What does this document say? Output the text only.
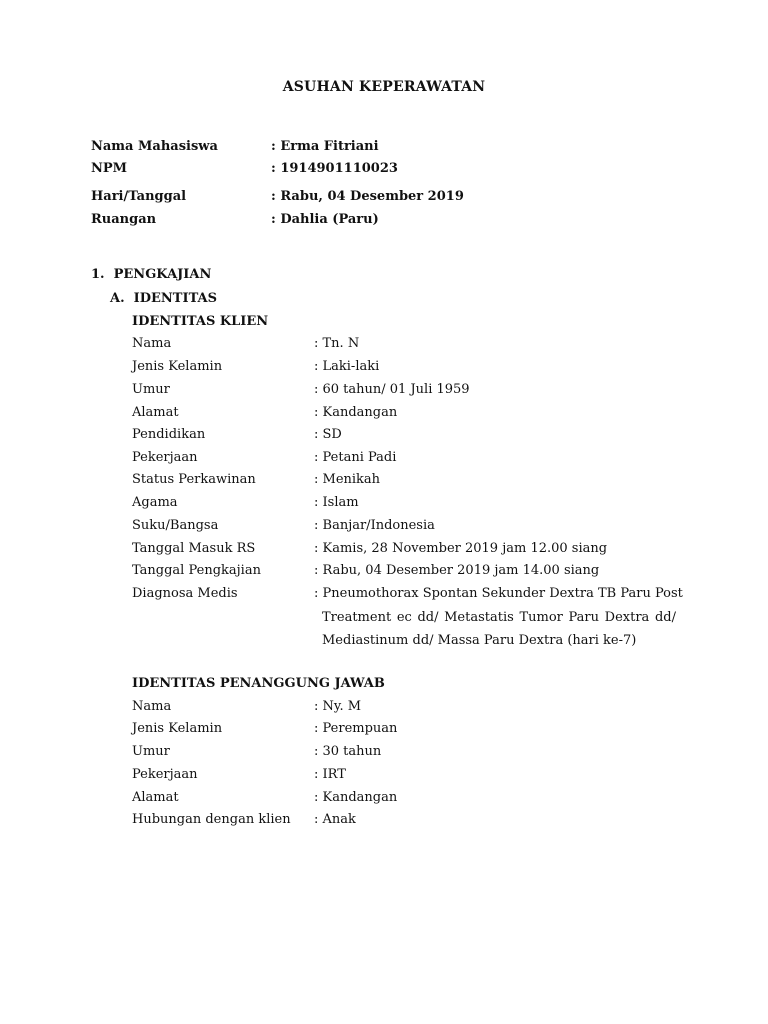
ASUHAN KEPERAWATAN
Nama Mahasiswa	: Erma Fitriani
NPM	: 1914901110023
Hari/Tanggal	: Rabu, 04 Desember 2019
Ruangan	: Dahlia (Paru)
1.  PENGKAJIAN
A.  IDENTITAS
IDENTITAS KLIEN
Nama	: Tn. N
Jenis Kelamin	: Laki-laki
Umur	: 60 tahun/ 01 Juli 1959
Alamat	: Kandangan
Pendidikan	: SD
Pekerjaan	: Petani Padi
Status Perkawinan	: Menikah
Agama	: Islam
Suku/Bangsa	: Banjar/Indonesia
Tanggal Masuk RS	: Kamis, 28 November 2019 jam 12.00 siang
Tanggal Pengkajian	: Rabu, 04 Desember 2019 jam 14.00 siang
Diagnosa Medis	: Pneumothorax Spontan Sekunder Dextra TB Paru Post
Treatment ec dd/ Metastatis Tumor Paru Dextra dd/ Mediastinum dd/ Massa Paru Dextra (hari ke-7)
IDENTITAS PENANGGUNG JAWAB
Nama	: Ny. M
Jenis Kelamin	: Perempuan
Umur	: 30 tahun
Pekerjaan	: IRT
Alamat	: Kandangan
Hubungan dengan klien : Anak
